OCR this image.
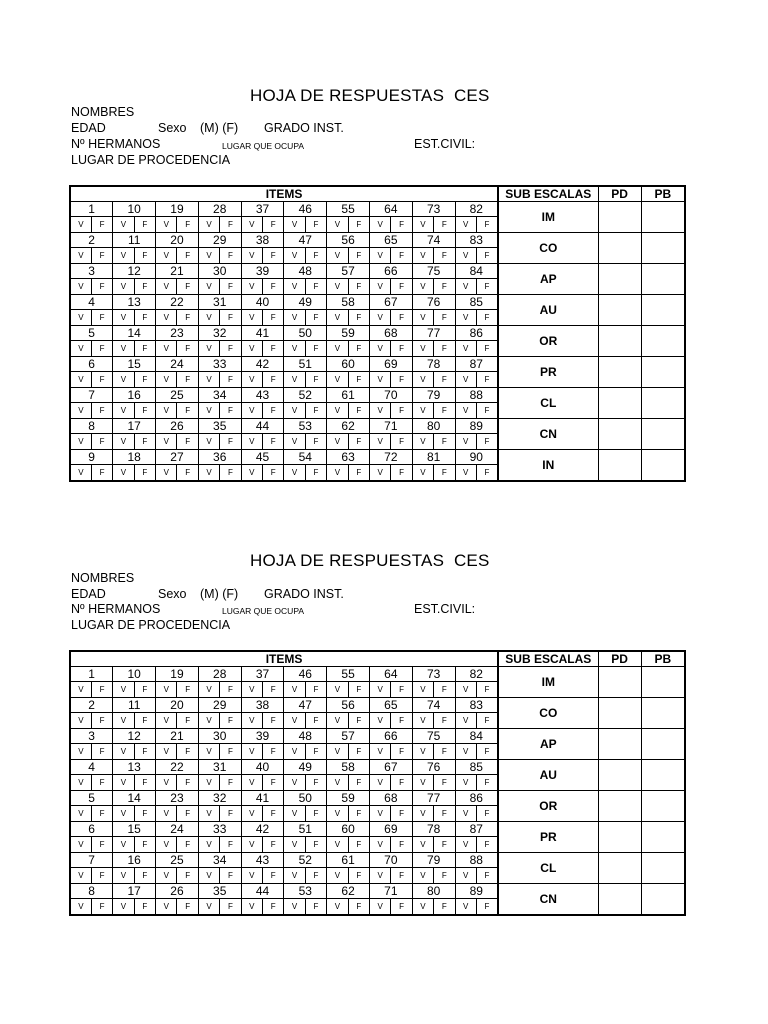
HOJA DE RESPUESTAS  CES
NOMBRES
EDAD	Sexo (M) (F) GRADO INST.
Nº HERMANOS	LUGAR QUE OCUPA	EST.CIVIL:
LUGAR DE PROCEDENCIA
ITEMS																				SUB ESCALAS	PD	PB
1		10		19		28		37		46		55		64		73		82		IM		
V	F	V	F	V	F	V	F	V	F	V	F	V	F	V	F	V	F	V	F			
2		11		20		29		38		47		56		65		74		83		CO		
V	F	V	F	V	F	V	F	V	F	V	F	V	F	V	F	V	F	V	F			
3		12		21		30		39		48		57		66		75		84		AP		
V	F	V	F	V	F	V	F	V	F	V	F	V	F	V	F	V	F	V	F			
4		13		22		31		40		49		58		67		76		85		AU		
V	F	V	F	V	F	V	F	V	F	V	F	V	F	V	F	V	F	V	F			
5		14		23		32		41		50		59		68		77		86		OR		
V	F	V	F	V	F	V	F	V	F	V	F	V	F	V	F	V	F	V	F			
6		15		24		33		42		51		60		69		78		87		PR		
V	F	V	F	V	F	V	F	V	F	V	F	V	F	V	F	V	F	V	F			
7		16		25		34		43		52		61		70		79		88		CL		
V	F	V	F	V	F	V	F	V	F	V	F	V	F	V	F	V	F	V	F			
8		17		26		35		44		53		62		71		80		89		CN		
V	F	V	F	V	F	V	F	V	F	V	F	V	F	V	F	V	F	V	F			
9		18		27		36		45		54		63		72		81		90		IN		
V	F	V	F	V	F	V	F	V	F	V	F	V	F	V	F	V	F	V	F			
HOJA DE RESPUESTAS  CES
NOMBRES
EDAD	Sexo (M) (F) GRADO INST.
Nº HERMANOS	LUGAR QUE OCUPA	EST.CIVIL:
LUGAR DE PROCEDENCIA
ITEMS																				SUB ESCALAS	PD	PB
1		10		19		28		37		46		55		64		73		82		IM		
V	F	V	F	V	F	V	F	V	F	V	F	V	F	V	F	V	F	V	F			
2		11		20		29		38		47		56		65		74		83		CO		
V	F	V	F	V	F	V	F	V	F	V	F	V	F	V	F	V	F	V	F			
3		12		21		30		39		48		57		66		75		84		AP		
V	F	V	F	V	F	V	F	V	F	V	F	V	F	V	F	V	F	V	F			
4		13		22		31		40		49		58		67		76		85		AU		
V	F	V	F	V	F	V	F	V	F	V	F	V	F	V	F	V	F	V	F			
5		14		23		32		41		50		59		68		77		86		OR		
V	F	V	F	V	F	V	F	V	F	V	F	V	F	V	F	V	F	V	F			
6		15		24		33		42		51		60		69		78		87		PR		
V	F	V	F	V	F	V	F	V	F	V	F	V	F	V	F	V	F	V	F			
7		16		25		34		43		52		61		70		79		88		CL		
V	F	V	F	V	F	V	F	V	F	V	F	V	F	V	F	V	F	V	F			
8		17		26		35		44		53		62		71		80		89		CN		
V	F	V	F	V	F	V	F	V	F	V	F	V	F	V	F	V	F	V	F			
